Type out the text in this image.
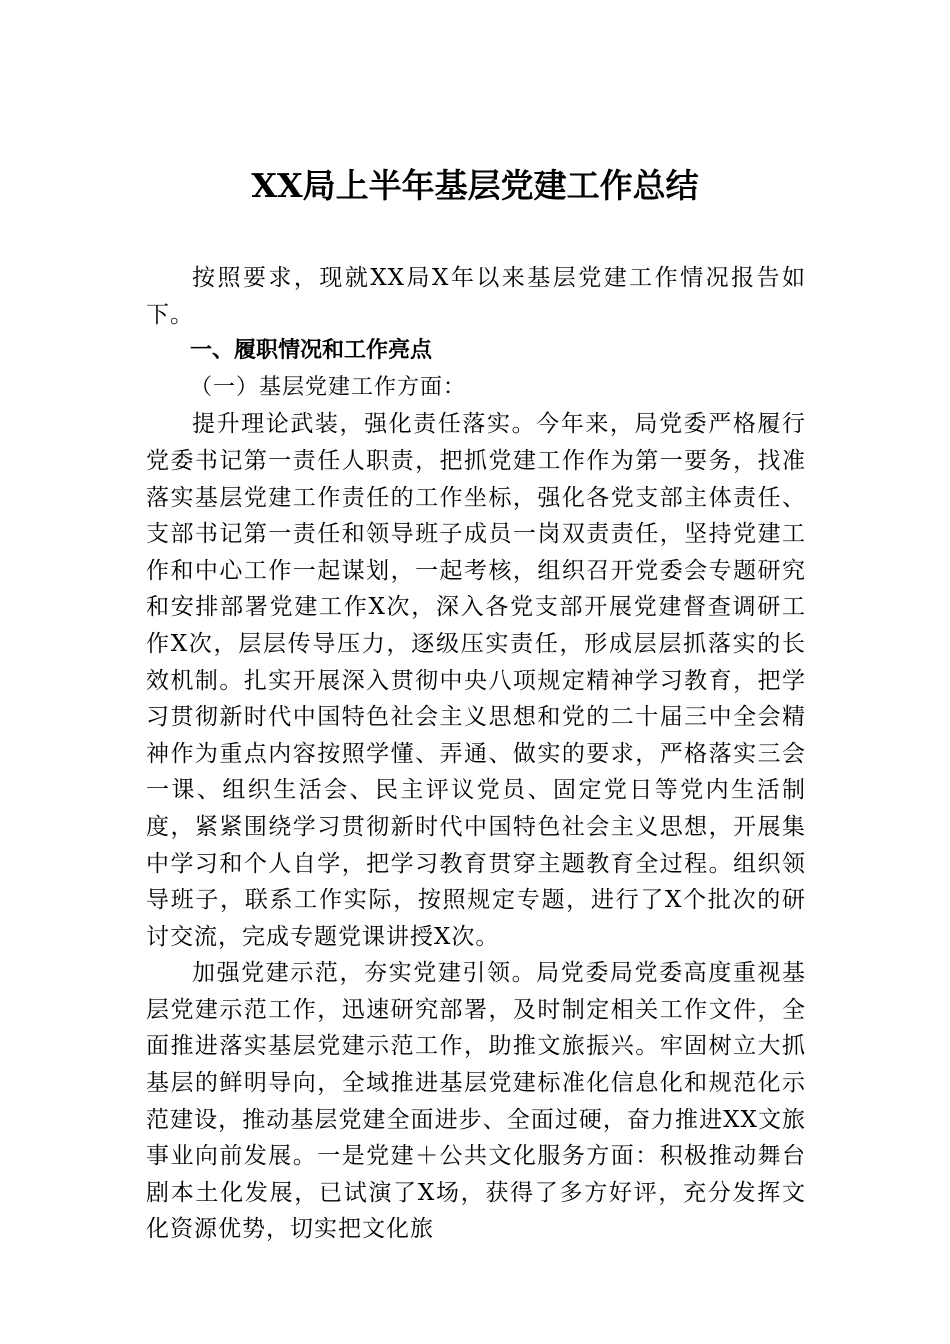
XX局上半年基层党建工作总结

按照要求，现就XX局X年以来基层党建工作情况报告如下。

一、履职情况和工作亮点

（一）基层党建工作方面：

提升理论武装，强化责任落实。今年来，局党委严格履行党委书记第一责任人职责，把抓党建工作作为第一要务，找准落实基层党建工作责任的工作坐标，强化各党支部主体责任、支部书记第一责任和领导班子成员一岗双责责任，坚持党建工作和中心工作一起谋划，一起考核，组织召开党委会专题研究和安排部署党建工作X次，深入各党支部开展党建督查调研工作X次，层层传导压力，逐级压实责任，形成层层抓落实的长效机制。扎实开展深入贯彻中央八项规定精神学习教育，把学习贯彻新时代中国特色社会主义思想和党的二十届三中全会精神作为重点内容按照学懂、弄通、做实的要求，严格落实三会一课、组织生活会、民主评议党员、固定党日等党内生活制度，紧紧围绕学习贯彻新时代中国特色社会主义思想，开展集中学习和个人自学，把学习教育贯穿主题教育全过程。组织领导班子，联系工作实际，按照规定专题，进行了X个批次的研讨交流，完成专题党课讲授X次。

加强党建示范，夯实党建引领。局党委局党委高度重视基层党建示范工作，迅速研究部署，及时制定相关工作文件，全面推进落实基层党建示范工作，助推文旅振兴。牢固树立大抓基层的鲜明导向，全域推进基层党建标准化信息化和规范化示范建设，推动基层党建全面进步、全面过硬，奋力推进XX文旅事业向前发展。一是党建＋公共文化服务方面：积极推动舞台剧本土化发展，已试演了X场，获得了多方好评，充分发挥文化资源优势，切实把文化旅
